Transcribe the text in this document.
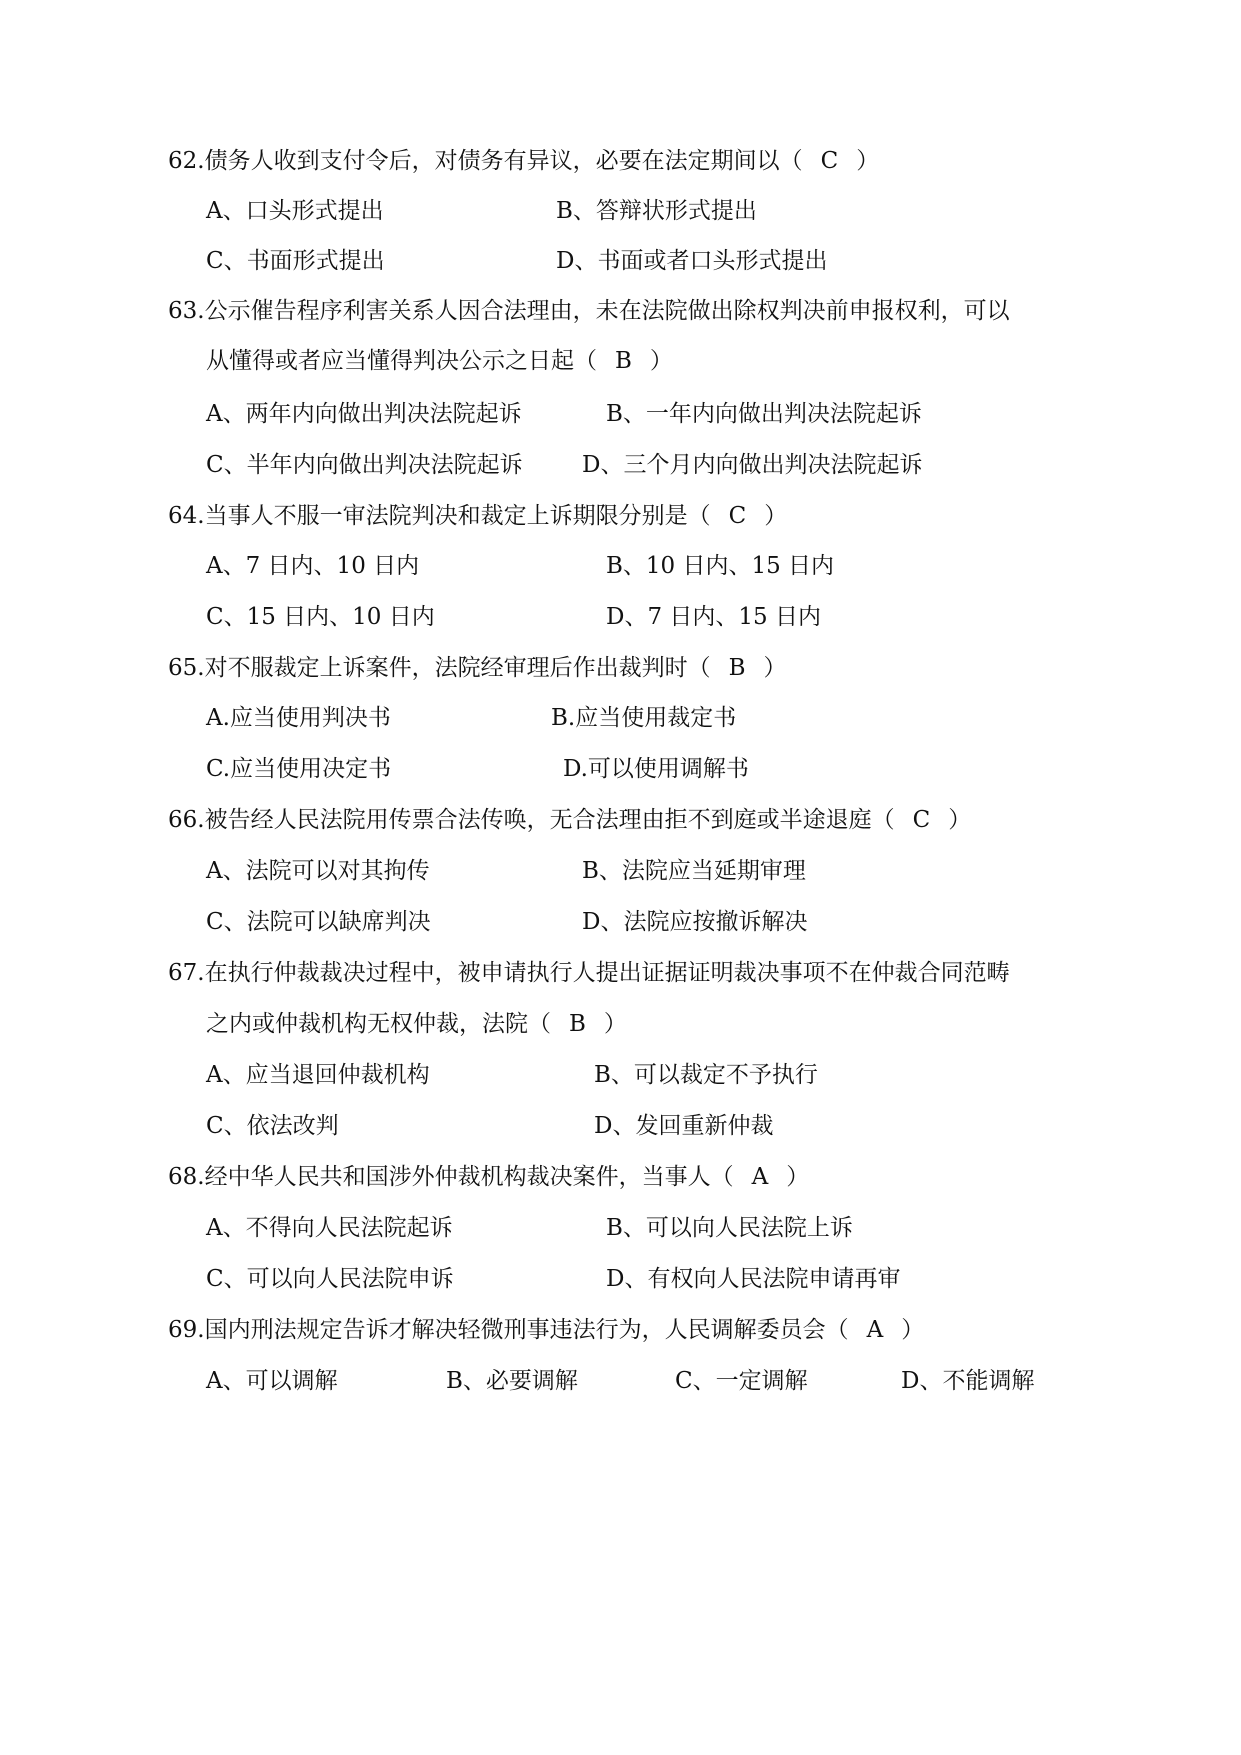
62.债务人收到支付令后，对债务有异议，必要在法定期间以（ C ）
A、口头形式提出	B、答辩状形式提出
C、书面形式提出	D、书面或者口头形式提出
63.公示催告程序利害关系人因合法理由，未在法院做出除权判决前申报权利，可以
从懂得或者应当懂得判决公示之日起（ B ）
A、两年内向做出判决法院起诉	B、一年内向做出判决法院起诉
C、半年内向做出判决法院起诉	D、三个月内向做出判决法院起诉
64.当事人不服一审法院判决和裁定上诉期限分别是（ C ）
A、7 日内、10 日内	B、10 日内、15 日内
C、15 日内、10 日内	D、7 日内、15 日内
65.对不服裁定上诉案件，法院经审理后作出裁判时（ B ）
A.应当使用判决书	B.应当使用裁定书
C.应当使用决定书	D.可以使用调解书
66.被告经人民法院用传票合法传唤，无合法理由拒不到庭或半途退庭（ C ）
A、法院可以对其拘传	B、法院应当延期审理
C、法院可以缺席判决	D、法院应按撤诉解决
67.在执行仲裁裁决过程中，被申请执行人提出证据证明裁决事项不在仲裁合同范畴
之内或仲裁机构无权仲裁，法院（ B ）
A、应当退回仲裁机构	B、可以裁定不予执行
C、依法改判	D、发回重新仲裁
68.经中华人民共和国涉外仲裁机构裁决案件，当事人（ A ）
A、不得向人民法院起诉	B、可以向人民法院上诉
C、可以向人民法院申诉	D、有权向人民法院申请再审
69.国内刑法规定告诉才解决轻微刑事违法行为，人民调解委员会（ A ）
A、可以调解	B、必要调解	C、一定调解	D、不能调解
